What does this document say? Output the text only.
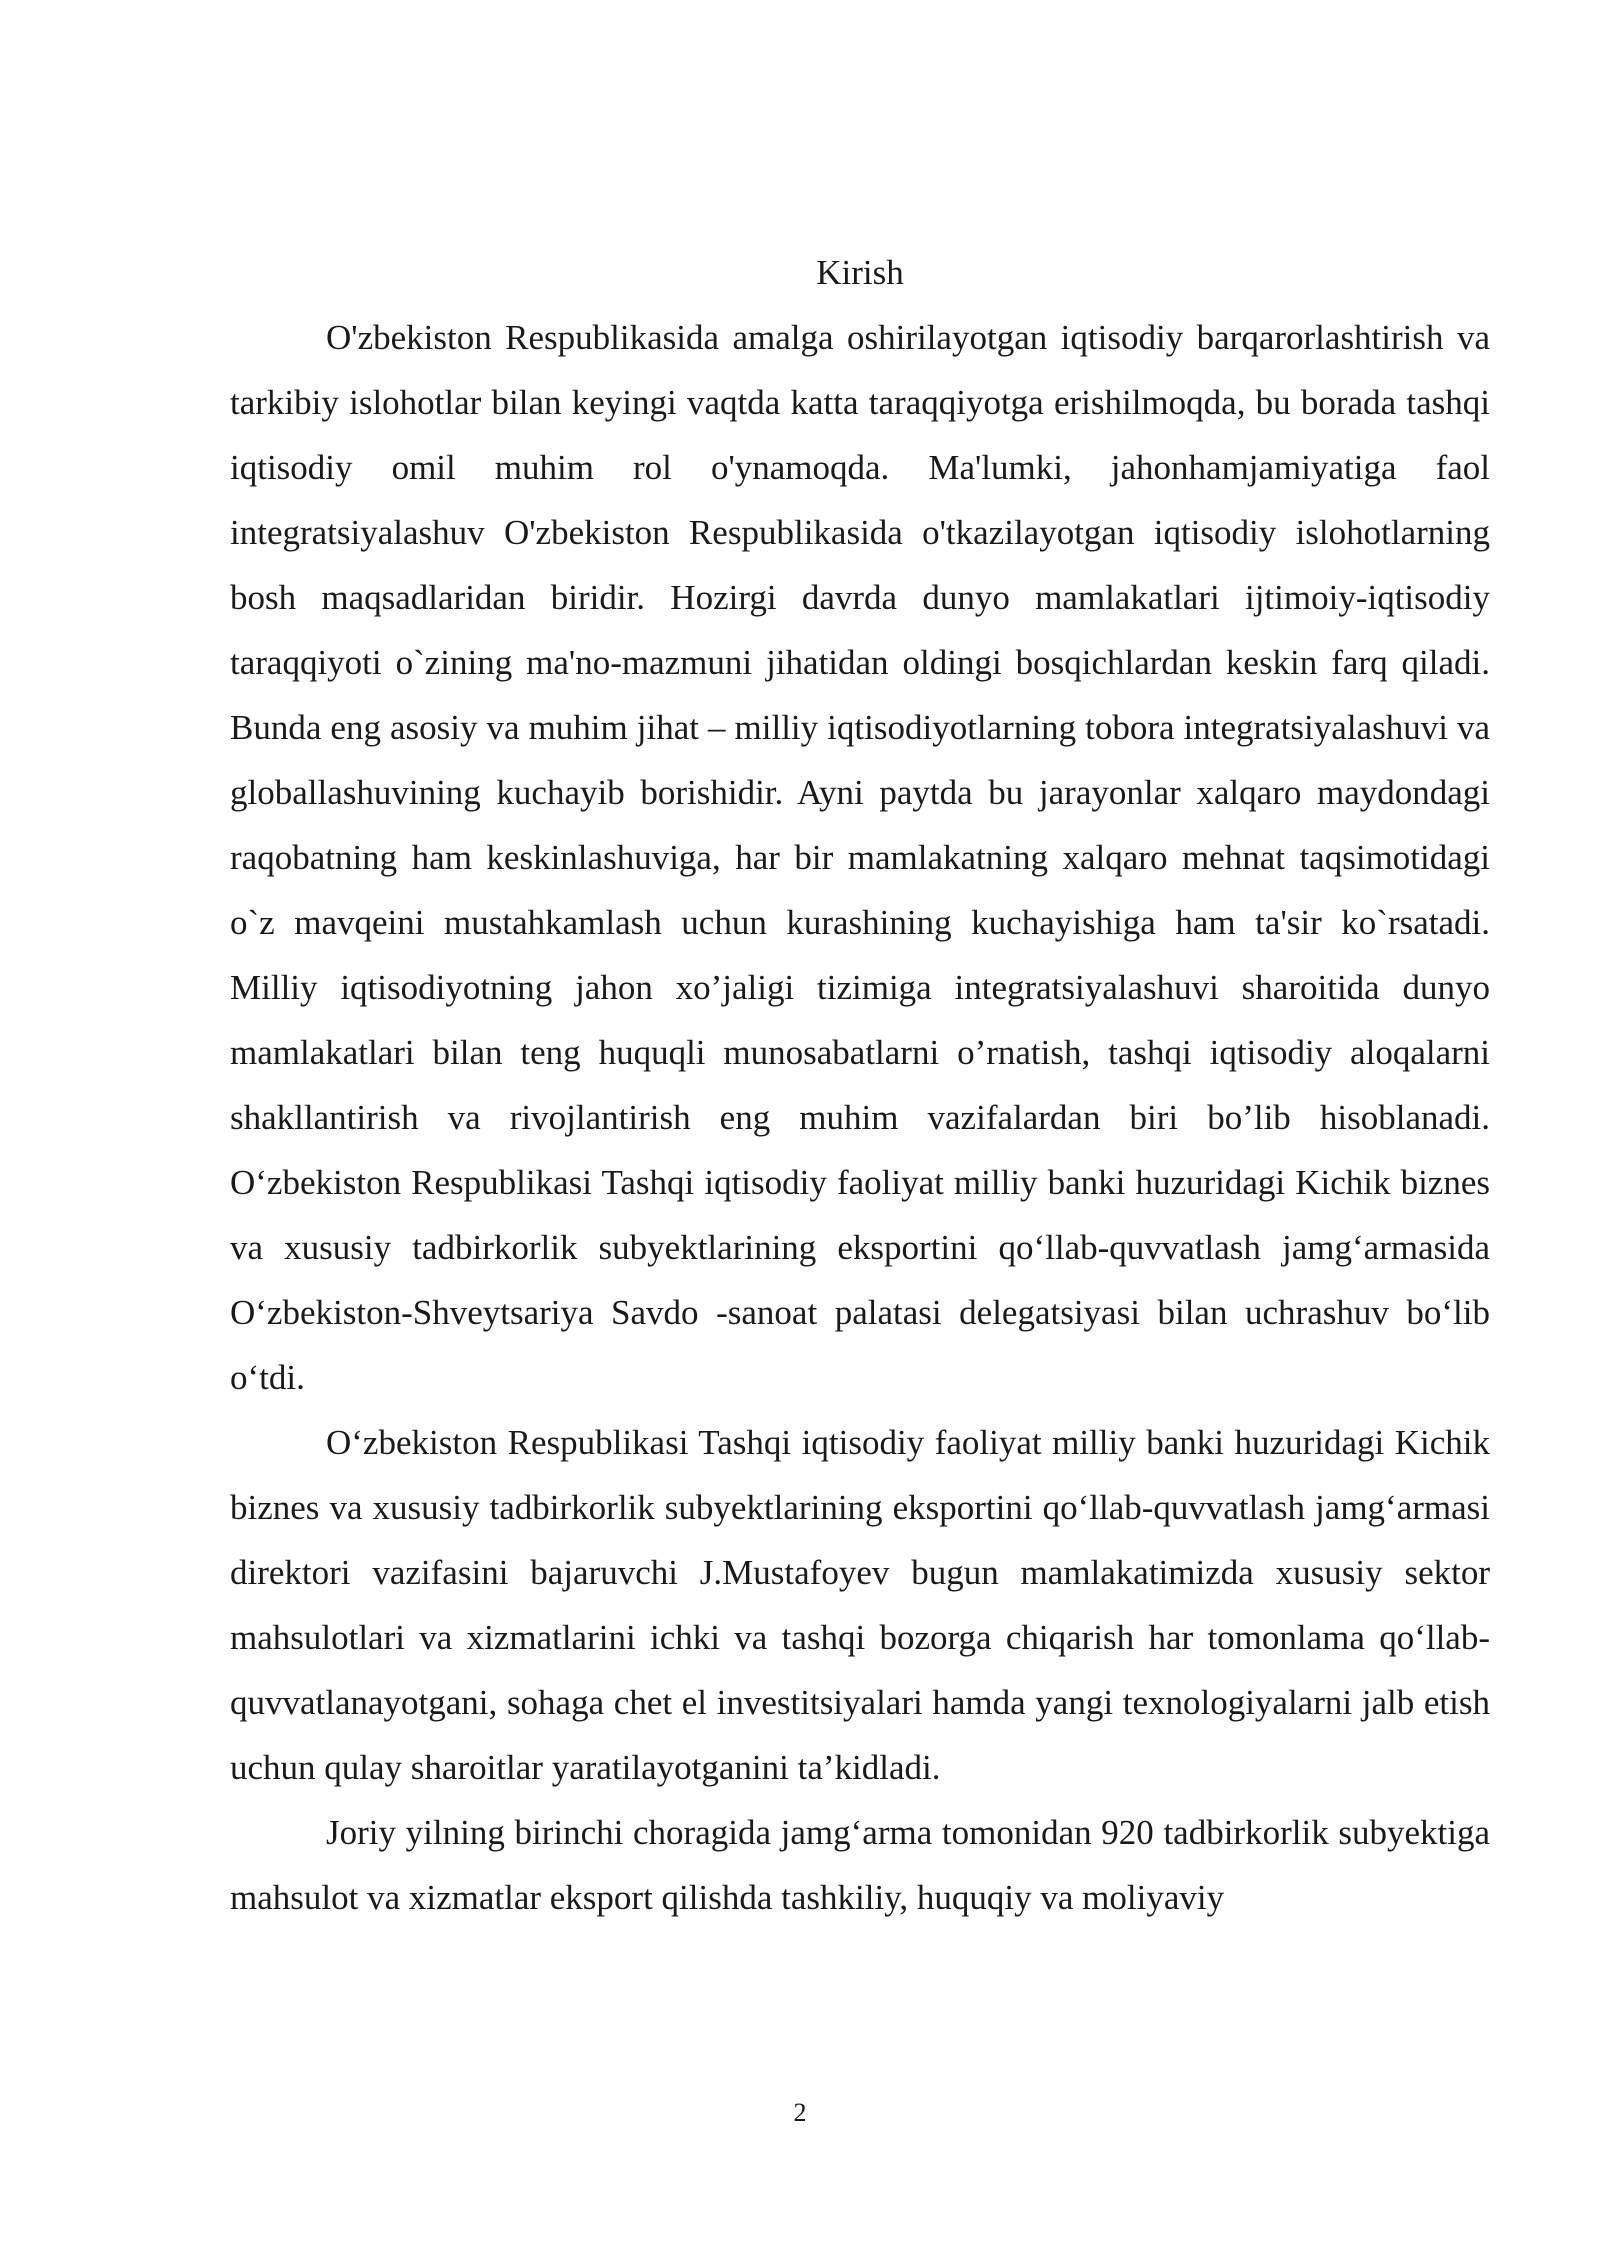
Kirish

O'zbekiston Respublikasida amalga oshirilayotgan iqtisodiy barqarorlashtirish va tarkibiy islohotlar bilan keyingi vaqtda katta taraqqiyotga erishilmoqda, bu borada tashqi iqtisodiy omil muhim rol o'ynamoqda. Ma'lumki, jahonhamjamiyatiga faol integratsiyalashuv O'zbekiston Respublikasida o'tkazilayotgan iqtisodiy islohotlarning bosh maqsadlaridan biridir. Hozirgi davrda dunyo mamlakatlari ijtimoiy-iqtisodiy taraqqiyoti o`zining ma'no-mazmuni jihatidan oldingi bosqichlardan keskin farq qiladi. Bunda eng asosiy va muhim jihat – milliy iqtisodiyotlarning tobora integratsiyalashuvi va globallashuvining kuchayib borishidir. Ayni paytda bu jarayonlar xalqaro maydondagi raqobatning ham keskinlashuviga, har bir mamlakatning xalqaro mehnat taqsimotidagi o`z mavqeini mustahkamlash uchun kurashining kuchayishiga ham ta'sir ko`rsatadi. Milliy iqtisodiyotning jahon xo’jaligi tizimiga integratsiyalashuvi sharoitida dunyo mamlakatlari bilan teng huquqli munosabatlarni o’rnatish, tashqi iqtisodiy aloqalarni shakllantirish va rivojlantirish eng muhim vazifalardan biri bo’lib hisoblanadi. O‘zbekiston Respublikasi Tashqi iqtisodiy faoliyat milliy banki huzuridagi Kichik biznes va xususiy tadbirkorlik subyektlarining eksportini qo‘llab-quvvatlash jamg‘armasida O‘zbekiston-Shveytsariya Savdo -sanoat palatasi delegatsiyasi bilan uchrashuv bo‘lib o‘tdi.

O‘zbekiston Respublikasi Tashqi iqtisodiy faoliyat milliy banki huzuridagi Kichik biznes va xususiy tadbirkorlik subyektlarining eksportini qo‘llab-quvvatlash jamg‘armasi direktori vazifasini bajaruvchi J.Mustafoyev bugun mamlakatimizda xususiy sektor mahsulotlari va xizmatlarini ichki va tashqi bozorga chiqarish har tomonlama qo‘llab-quvvatlanayotgani, sohaga chet el investitsiyalari hamda yangi texnologiyalarni jalb etish uchun qulay sharoitlar yaratilayotganini ta’kidladi.

Joriy yilning birinchi choragida jamg‘arma tomonidan 920 tadbirkorlik subyektiga mahsulot va xizmatlar eksport qilishda tashkiliy, huquqiy va moliyaviy

2
